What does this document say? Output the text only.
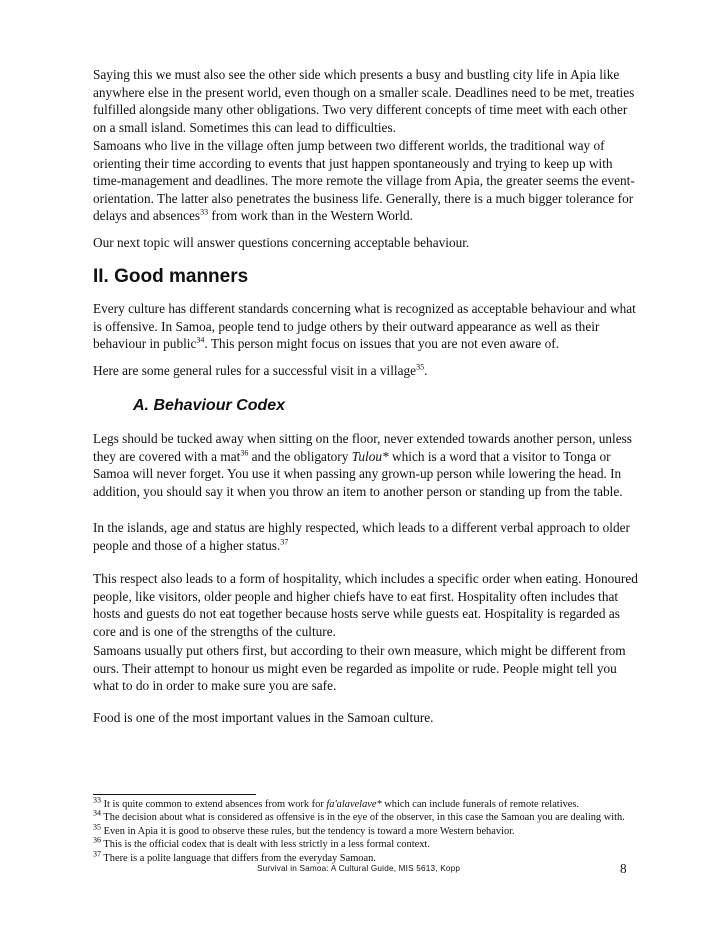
Saying this we must also see the other side which presents a busy and bustling city life in Apia like anywhere else in the present world, even though on a smaller scale. Deadlines need to be met, treaties fulfilled alongside many other obligations. Two very different concepts of time meet with each other on a small island. Sometimes this can lead to difficulties.

Samoans who live in the village often jump between two different worlds, the traditional way of orienting their time according to events that just happen spontaneously and trying to keep up with time-management and deadlines. The more remote the village from Apia, the greater seems the event-orientation. The latter also penetrates the business life. Generally, there is a much bigger tolerance for delays and absences$^{33}$ from work than in the Western World.

Our next topic will answer questions concerning acceptable behaviour.

II. Good manners

Every culture has different standards concerning what is recognized as acceptable behaviour and what is offensive. In Samoa, people tend to judge others by their outward appearance as well as their behaviour in public$^{34}$. This person might focus on issues that you are not even aware of.

Here are some general rules for a successful visit in a village$^{35}$.

A. Behaviour Codex

Legs should be tucked away when sitting on the floor, never extended towards another person, unless they are covered with a mat$^{36}$ and the obligatory Tulou* which is a word that a visitor to Tonga or Samoa will never forget. You use it when passing any grown-up person while lowering the head. In addition, you should say it when you throw an item to another person or standing up from the table.

In the islands, age and status are highly respected, which leads to a different verbal approach to older people and those of a higher status.$^{37}$

This respect also leads to a form of hospitality, which includes a specific order when eating. Honoured people, like visitors, older people and higher chiefs have to eat first. Hospitality often includes that hosts and guests do not eat together because hosts serve while guests eat. Hospitality is regarded as core and is one of the strengths of the culture.

Samoans usually put others first, but according to their own measure, which might be different from ours. Their attempt to honour us might even be regarded as impolite or rude. People might tell you what to do in order to make sure you are safe.

Food is one of the most important values in the Samoan culture.

$^{33}$ It is quite common to extend absences from work for fa'alavelave* which can include funerals of remote relatives.

$^{34}$ The decision about what is considered as offensive is in the eye of the observer, in this case the Samoan you are dealing with.

$^{35}$ Even in Apia it is good to observe these rules, but the tendency is toward a more Western behavior.

$^{36}$ This is the official codex that is dealt with less strictly in a less formal context.

$^{37}$ There is a polite language that differs from the everyday Samoan.

Survival in Samoa: A Cultural Guide, MIS 5613, Kopp	8
